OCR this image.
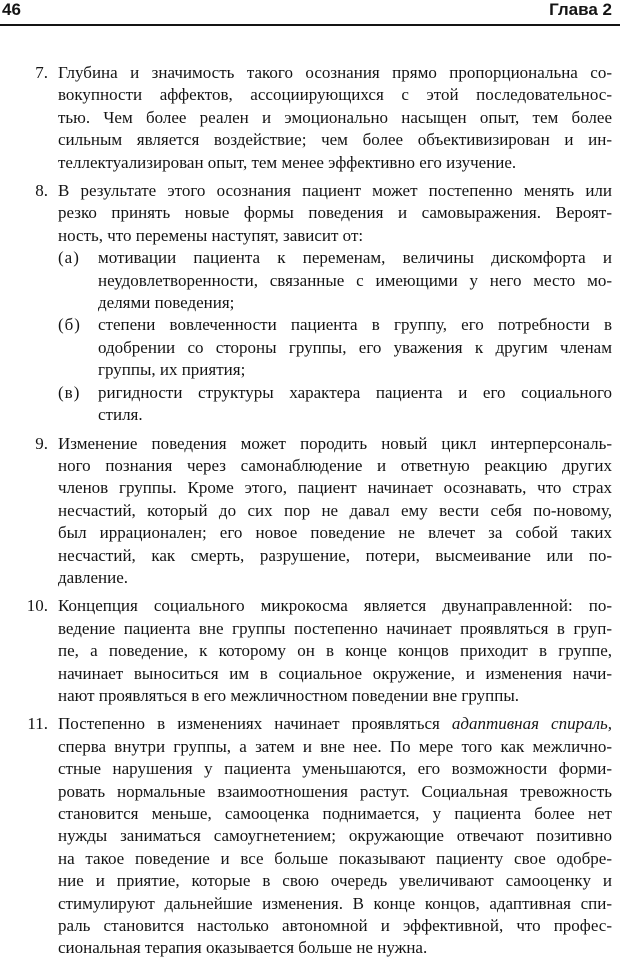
46	Глава 2
7. Глубина и значимость такого осознания прямо пропорциональна со-
вокупности аффектов, ассоциирующихся с этой последовательнос-
тью. Чем более реален и эмоционально насыщен опыт, тем более
сильным является воздействие; чем более объективизирован и ин-
теллектуализирован опыт, тем менее эффективно его изучение.
8. В результате этого осознания пациент может постепенно менять или
резко принять новые формы поведения и самовыражения. Вероят-
ность, что перемены наступят, зависит от:
(а) мотивации пациента к переменам, величины дискомфорта и
неудовлетворенности, связанные с имеющими у него место мо-
делями поведения;
(б) степени вовлеченности пациента в группу, его потребности в
одобрении со стороны группы, его уважения к другим членам
группы, их приятия;
(в) ригидности структуры характера пациента и его социального
стиля.
9. Изменение поведения может породить новый цикл интерперсональ-
ного познания через самонаблюдение и ответную реакцию других
членов группы. Кроме этого, пациент начинает осознавать, что страх
несчастий, который до сих пор не давал ему вести себя по-новому,
был иррационален; его новое поведение не влечет за собой таких
несчастий, как смерть, разрушение, потери, высмеивание или по-
давление.
10. Концепция социального микрокосма является двунаправленной: по-
ведение пациента вне группы постепенно начинает проявляться в груп-
пе, а поведение, к которому он в конце концов приходит в группе,
начинает выноситься им в социальное окружение, и изменения начи-
нают проявляться в его межличностном поведении вне группы.
11. Постепенно в изменениях начинает проявляться адаптивная спираль,
сперва внутри группы, а затем и вне нее. По мере того как межлично-
стные нарушения у пациента уменьшаются, его возможности форми-
ровать нормальные взаимоотношения растут. Социальная тревожность
становится меньше, самооценка поднимается, у пациента более нет
нужды заниматься самоугнетением; окружающие отвечают позитивно
на такое поведение и все больше показывают пациенту свое одобре-
ние и приятие, которые в свою очередь увеличивают самооценку и
стимулируют дальнейшие изменения. В конце концов, адаптивная спи-
раль становится настолько автономной и эффективной, что профес-
сиональная терапия оказывается больше не нужна.
